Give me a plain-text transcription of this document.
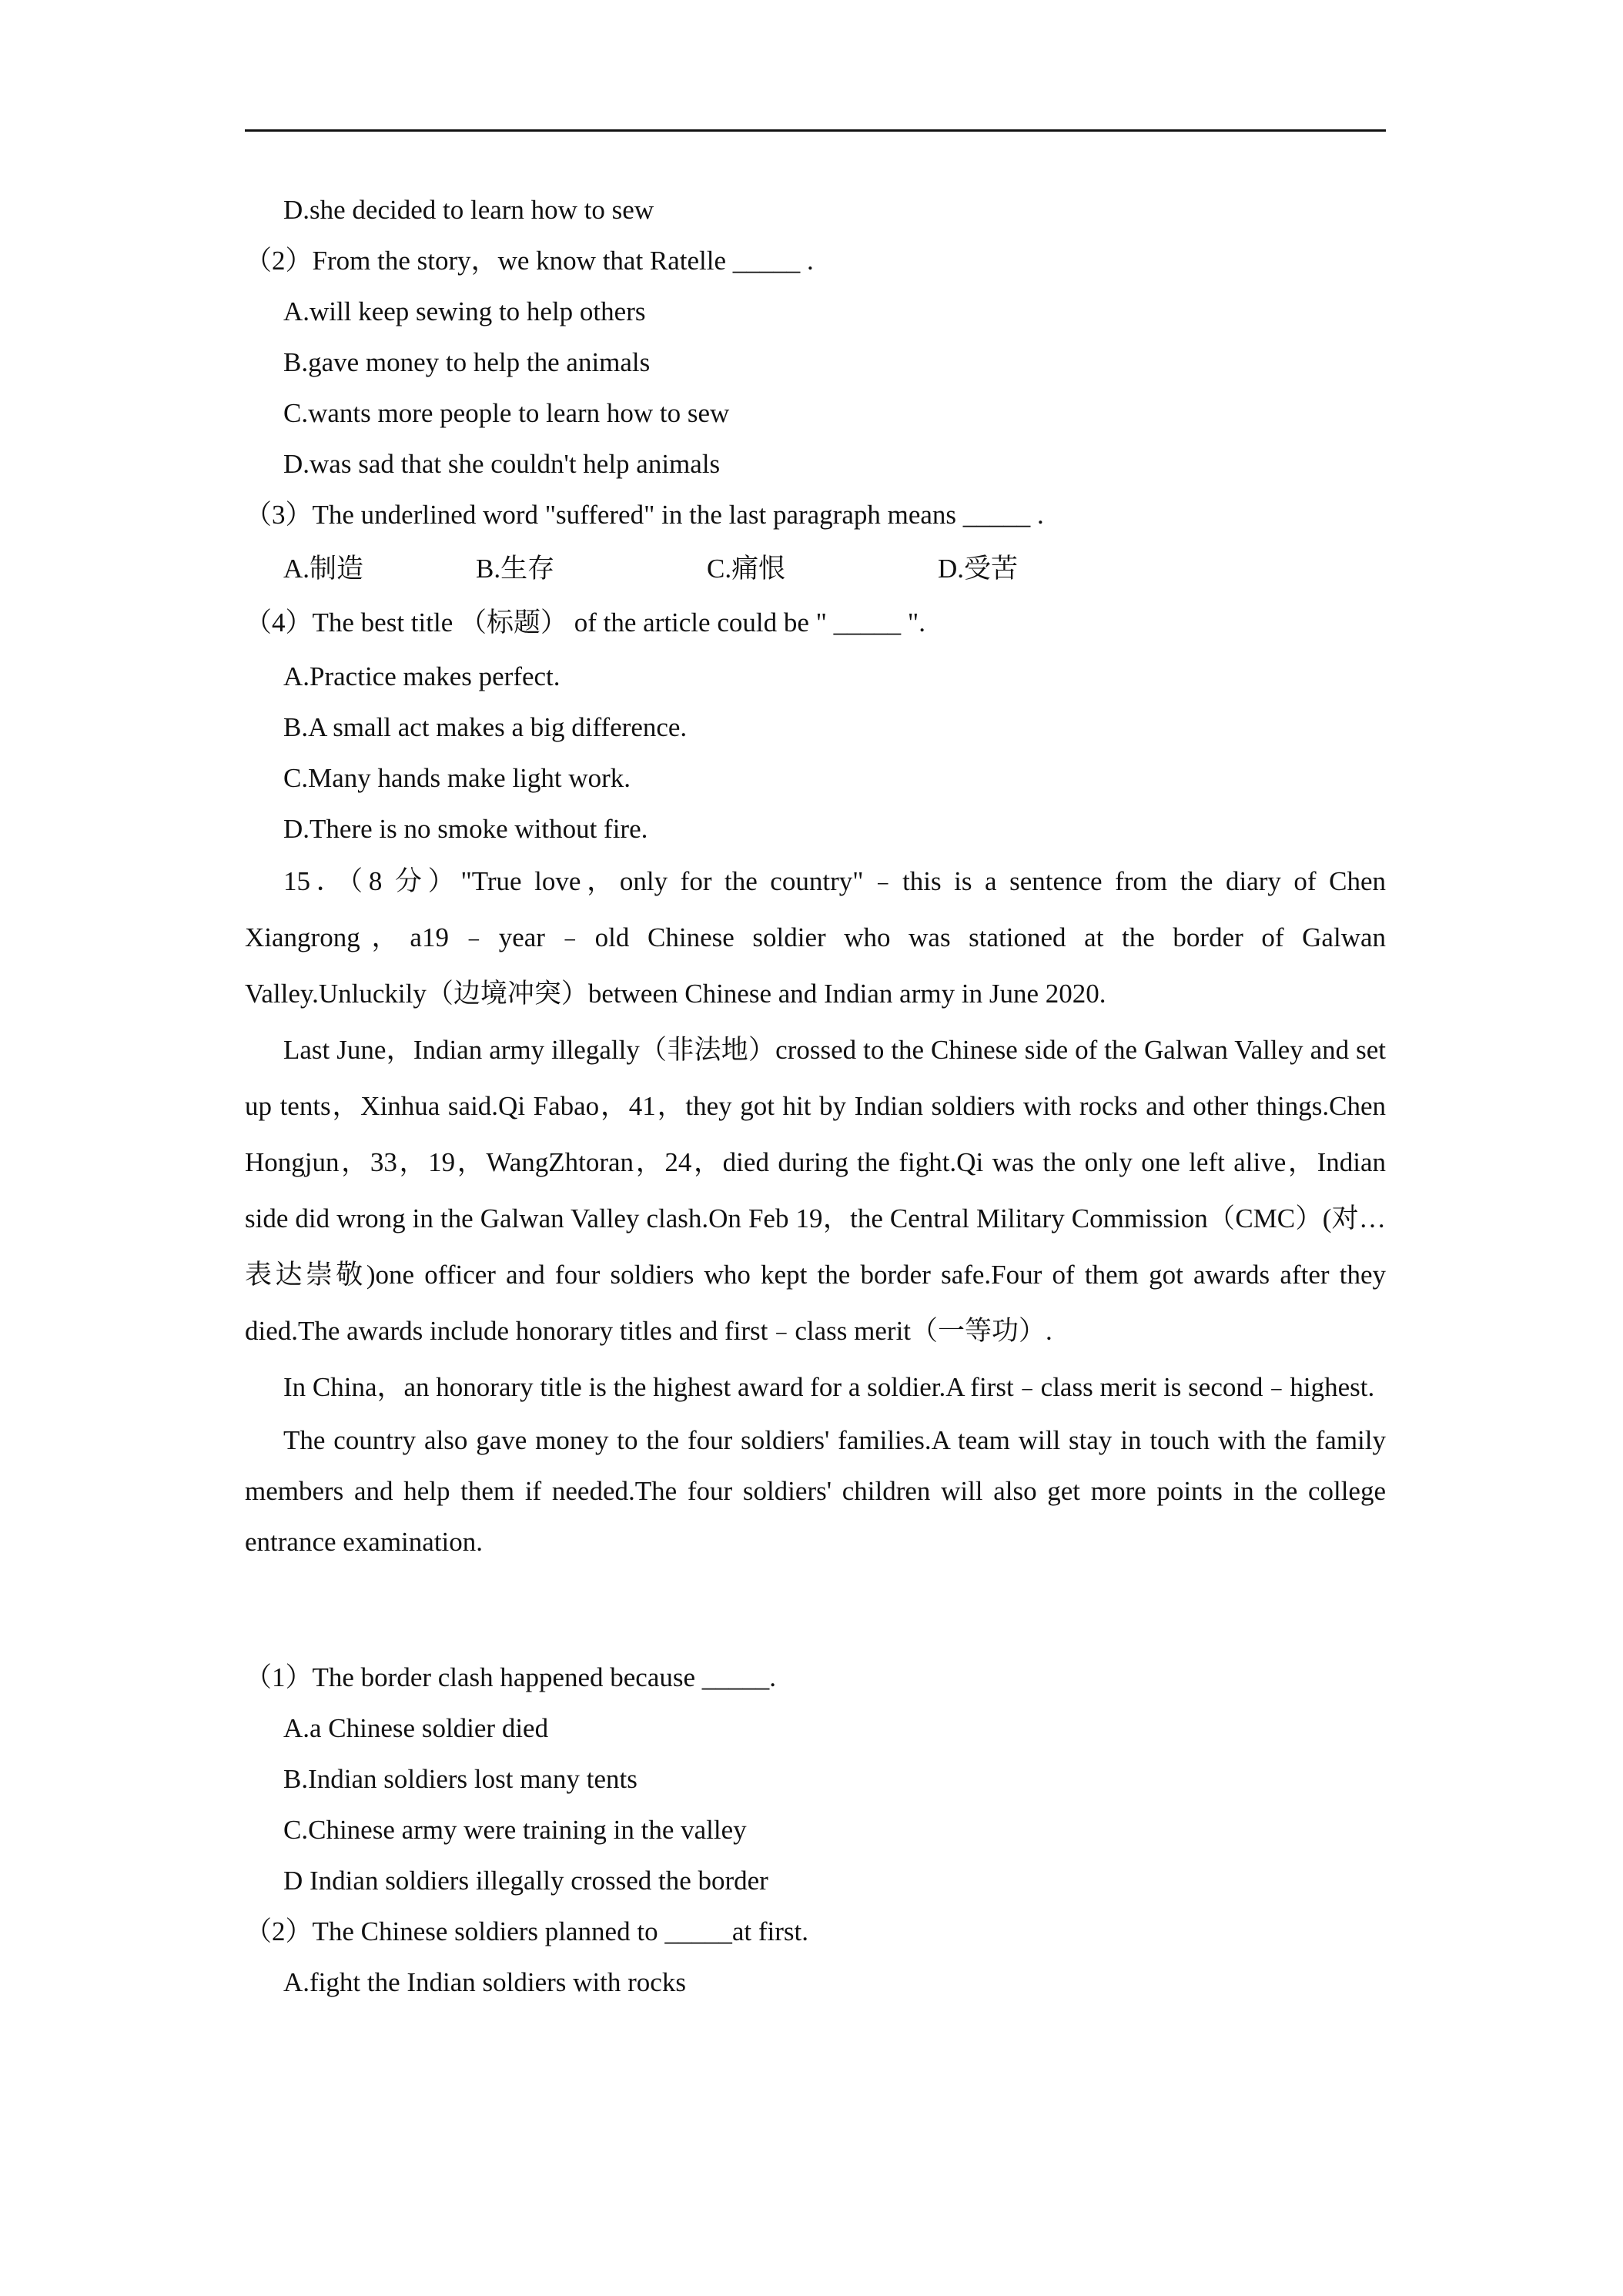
D.she decided to learn how to sew
（2）From the story，we know that Ratelle _____ .
A.will keep sewing to help others
B.gave money to help the animals
C.wants more people to learn how to sew
D.was sad that she couldn't help animals
（3）The underlined word "suffered" in the last paragraph means _____ .
A.制造	B.生存	C.痛恨	D.受苦
（4）The best title （标题） of the article could be " _____ ".
A.Practice makes perfect.
B.A small act makes a big difference.
C.Many hands make light work.
D.There is no smoke without fire.

15．（8 分）"True love，only for the country"﹣this is a sentence from the diary of Chen Xiangrong，a19﹣year﹣old Chinese soldier who was stationed at the border of Galwan Valley.Unluckily（边境冲突）between Chinese and Indian army in June 2020.

Last June，Indian army illegally（非法地）crossed to the Chinese side of the Galwan Valley and set up tents，Xinhua said.Qi Fabao，41，they got hit by Indian soldiers with rocks and other things.Chen Hongjun，33，19，WangZhtoran，24，died during the fight.Qi was the only one left alive，Indian side did wrong in the Galwan Valley clash.On Feb 19，the Central Military Commission（CMC）(对…表达崇敬)one officer and four soldiers who kept the border safe.Four of them got awards after they died.The awards include honorary titles and first﹣class merit（一等功）.

In China，an honorary title is the highest award for a soldier.A first﹣class merit is second﹣highest.

The country also gave money to the four soldiers' families.A team will stay in touch with the family members and help them if needed.The four soldiers' children will also get more points in the college entrance examination.

（1）The border clash happened because _____.
A.a Chinese soldier died
B.Indian soldiers lost many tents
C.Chinese army were training in the valley
D Indian soldiers illegally crossed the border
（2）The Chinese soldiers planned to _____at first.
A.fight the Indian soldiers with rocks
